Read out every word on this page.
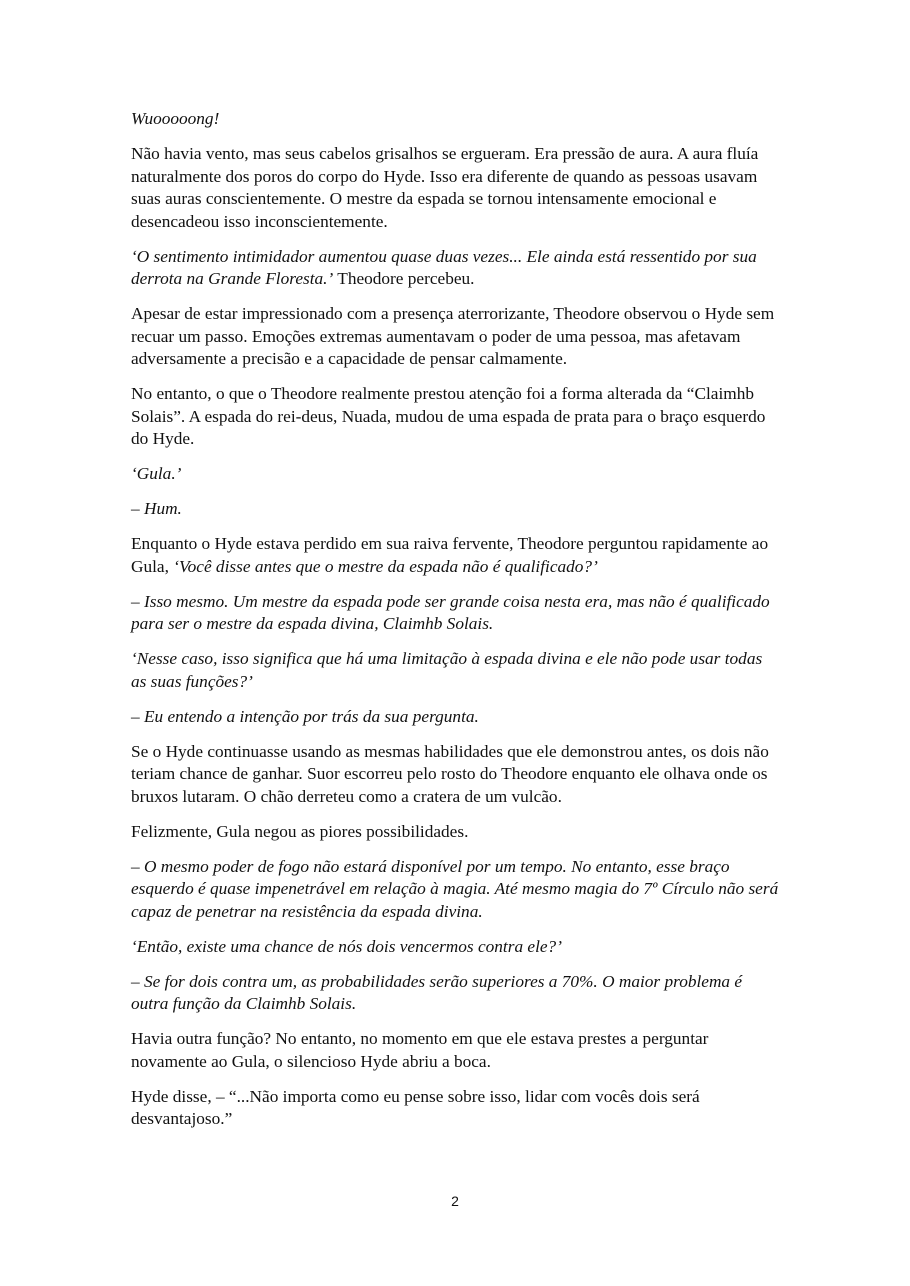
Wuooooong!

Não havia vento, mas seus cabelos grisalhos se ergueram. Era pressão de aura. A aura fluía naturalmente dos poros do corpo do Hyde. Isso era diferente de quando as pessoas usavam suas auras conscientemente. O mestre da espada se tornou intensamente emocional e desencadeou isso inconscientemente.

‘O sentimento intimidador aumentou quase duas vezes... Ele ainda está ressentido por sua derrota na Grande Floresta.’ Theodore percebeu.

Apesar de estar impressionado com a presença aterrorizante, Theodore observou o Hyde sem recuar um passo. Emoções extremas aumentavam o poder de uma pessoa, mas afetavam adversamente a precisão e a capacidade de pensar calmamente.

No entanto, o que o Theodore realmente prestou atenção foi a forma alterada da “Claimhb Solais”. A espada do rei-deus, Nuada, mudou de uma espada de prata para o braço esquerdo do Hyde.

‘Gula.’

– Hum.

Enquanto o Hyde estava perdido em sua raiva fervente, Theodore perguntou rapidamente ao Gula, ‘Você disse antes que o mestre da espada não é qualificado?’

– Isso mesmo. Um mestre da espada pode ser grande coisa nesta era, mas não é qualificado para ser o mestre da espada divina, Claimhb Solais.

‘Nesse caso, isso significa que há uma limitação à espada divina e ele não pode usar todas as suas funções?’

– Eu entendo a intenção por trás da sua pergunta.

Se o Hyde continuasse usando as mesmas habilidades que ele demonstrou antes, os dois não teriam chance de ganhar. Suor escorreu pelo rosto do Theodore enquanto ele olhava onde os bruxos lutaram. O chão derreteu como a cratera de um vulcão.

Felizmente, Gula negou as piores possibilidades.

– O mesmo poder de fogo não estará disponível por um tempo. No entanto, esse braço esquerdo é quase impenetrável em relação à magia. Até mesmo magia do 7º Círculo não será capaz de penetrar na resistência da espada divina.

‘Então, existe uma chance de nós dois vencermos contra ele?’

– Se for dois contra um, as probabilidades serão superiores a 70%. O maior problema é outra função da Claimhb Solais.

Havia outra função? No entanto, no momento em que ele estava prestes a perguntar novamente ao Gula, o silencioso Hyde abriu a boca.

Hyde disse, – “...Não importa como eu pense sobre isso, lidar com vocês dois será desvantajoso.”

2
